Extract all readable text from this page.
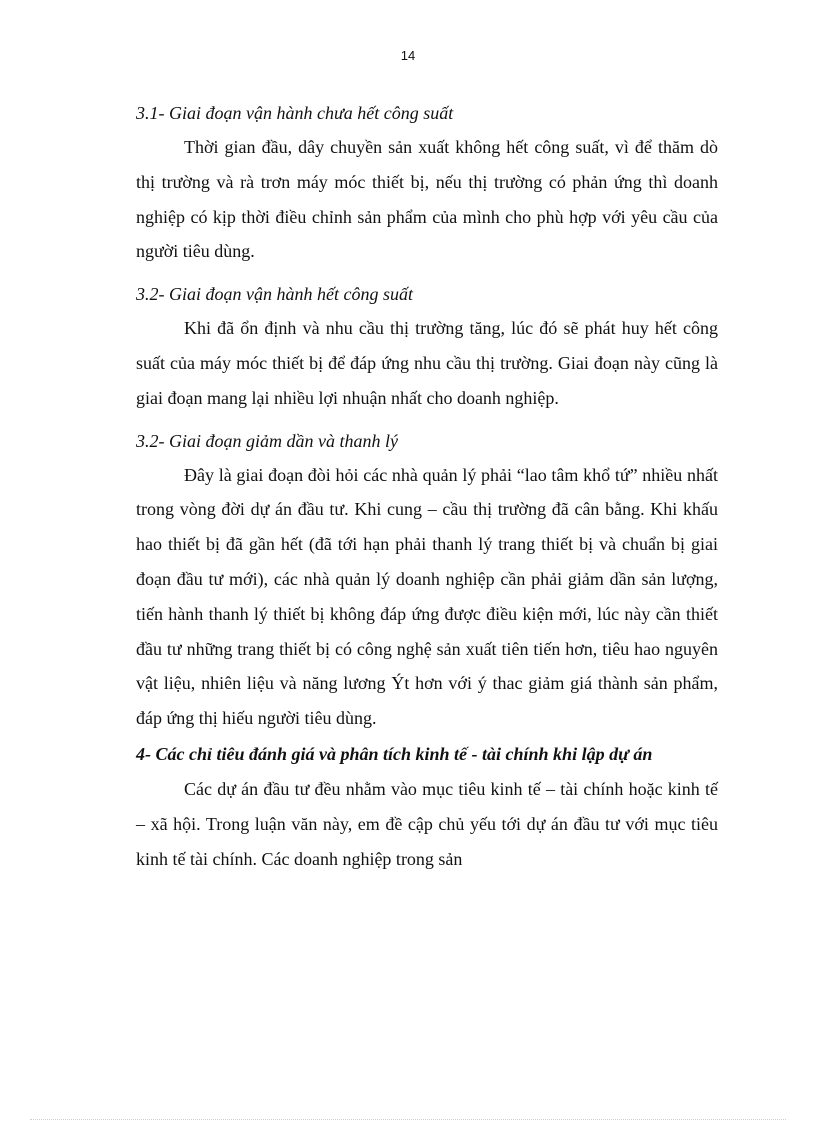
14

3.1- Giai đoạn vận hành chưa hết công suất

Thời gian đầu, dây chuyền sản xuất không hết công suất, vì để thăm dò thị trường và rà trơn máy móc thiết bị, nếu thị trường có phản ứng thì doanh nghiệp có kịp thời điều chỉnh sản phẩm của mình cho phù hợp với yêu cầu của người tiêu dùng.

3.2- Giai đoạn vận hành hết công suất

Khi đã ổn định và nhu cầu thị trường tăng, lúc đó sẽ phát huy hết công suất của máy móc thiết bị để đáp ứng nhu cầu thị trường. Giai đoạn này cũng là giai đoạn mang lại nhiều lợi nhuận nhất cho doanh nghiệp.

3.2- Giai đoạn giảm dần và thanh lý

Đây là giai đoạn đòi hỏi các nhà quản lý phải “lao tâm khổ tứ” nhiều nhất trong vòng đời dự án đầu tư. Khi cung – cầu thị trường đã cân bằng. Khi khấu hao thiết bị đã gần hết (đã tới hạn phải thanh lý trang thiết bị và chuẩn bị giai đoạn đầu tư mới), các nhà quản lý doanh nghiệp cần phải giảm dần sản lượng, tiến hành thanh lý thiết bị không đáp ứng được điều kiện mới, lúc này cần thiết đầu tư những trang thiết bị có công nghệ sản xuất tiên tiến hơn, tiêu hao nguyên vật liệu, nhiên liệu và năng lương Ýt hơn với ý thac giảm giá thành sản phẩm, đáp ứng thị hiếu người tiêu dùng.

4- Các chỉ tiêu đánh giá và phân tích kinh tế - tài chính khi lập dự án

Các dự án đầu tư đều nhằm vào mục tiêu kinh tế – tài chính hoặc kinh tế – xã hội. Trong luận văn này, em đề cập chủ yếu tới dự án đầu tư với mục tiêu kinh tế tài chính. Các doanh nghiệp trong sản
